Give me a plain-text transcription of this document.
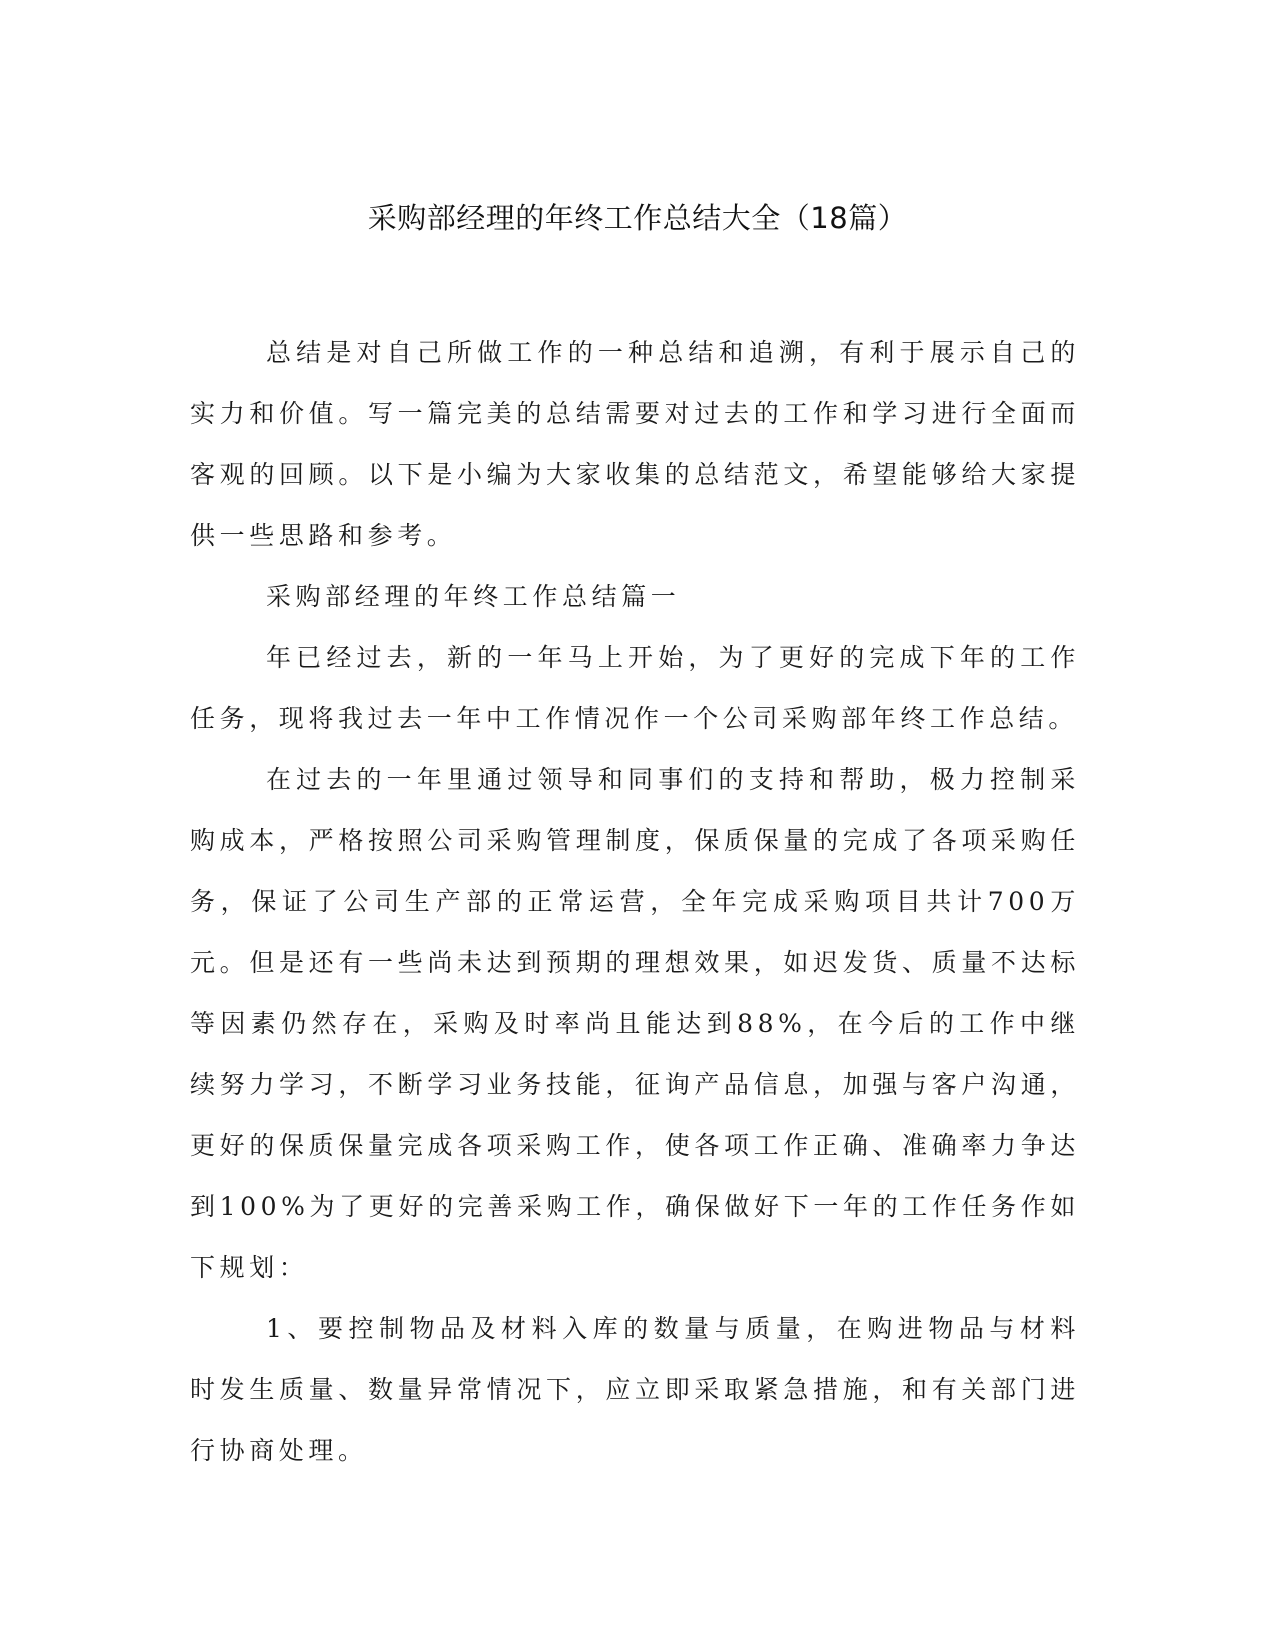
采购部经理的年终工作总结大全（18篇）

总结是对自己所做工作的一种总结和追溯，有利于展示自己的实力和价值。写一篇完美的总结需要对过去的工作和学习进行全面而客观的回顾。以下是小编为大家收集的总结范文，希望能够给大家提供一些思路和参考。

采购部经理的年终工作总结篇一

年已经过去，新的一年马上开始，为了更好的完成下年的工作任务，现将我过去一年中工作情况作一个公司采购部年终工作总结。

在过去的一年里通过领导和同事们的支持和帮助，极力控制采购成本，严格按照公司采购管理制度，保质保量的完成了各项采购任务，保证了公司生产部的正常运营，全年完成采购项目共计700万元。但是还有一些尚未达到预期的理想效果，如迟发货、质量不达标等因素仍然存在，采购及时率尚且能达到88%，在今后的工作中继续努力学习，不断学习业务技能，征询产品信息，加强与客户沟通，更好的保质保量完成各项采购工作，使各项工作正确、准确率力争达到100%为了更好的完善采购工作，确保做好下一年的工作任务作如下规划：

1、要控制物品及材料入库的数量与质量，在购进物品与材料时发生质量、数量异常情况下，应立即采取紧急措施，和有关部门进行协商处理。
